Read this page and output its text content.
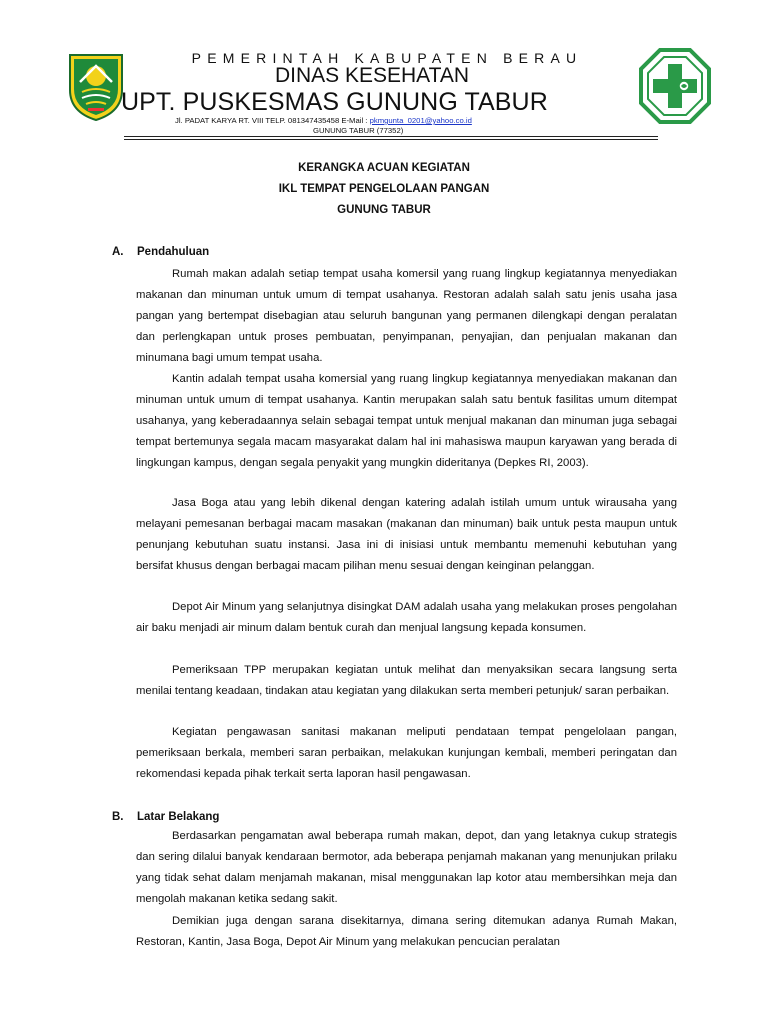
PEMERINTAH KABUPATEN BERAU
DINAS KESEHATAN
UPT. PUSKESMAS GUNUNG TABUR
Jl. PADAT KARYA RT. VIII TELP. 081347435458 E-Mail : pkmgunta_0201@yahoo.co.id
GUNUNG TABUR (77352)
KERANGKA ACUAN KEGIATAN
IKL TEMPAT PENGELOLAAN PANGAN
GUNUNG TABUR
A. Pendahuluan

Rumah makan adalah setiap tempat usaha komersil yang ruang lingkup kegiatannya menyediakan makanan dan minuman untuk umum di tempat usahanya. Restoran adalah salah satu jenis usaha jasa pangan yang bertempat disebagian atau seluruh bangunan yang permanen dilengkapi dengan peralatan dan perlengkapan untuk proses pembuatan, penyimpanan, penyajian, dan penjualan makanan dan minumana bagi umum tempat usaha.

Kantin adalah tempat usaha komersial yang ruang lingkup kegiatannya menyediakan makanan dan minuman untuk umum di tempat usahanya. Kantin merupakan salah satu bentuk fasilitas umum ditempat usahanya, yang keberadaannya selain sebagai tempat untuk menjual makanan dan minuman juga sebagai tempat bertemunya segala macam masyarakat dalam hal ini mahasiswa maupun karyawan yang berada di lingkungan kampus, dengan segala penyakit yang mungkin dideritanya (Depkes RI, 2003).

Jasa Boga atau yang lebih dikenal dengan katering adalah istilah umum untuk wirausaha yang melayani pemesanan berbagai macam masakan (makanan dan minuman) baik untuk pesta maupun untuk penunjang kebutuhan suatu instansi. Jasa ini di inisiasi untuk membantu memenuhi kebutuhan yang bersifat khusus dengan berbagai macam pilihan menu sesuai dengan keinginan pelanggan.

Depot Air Minum yang selanjutnya disingkat DAM adalah usaha yang melakukan proses pengolahan air baku menjadi air minum dalam bentuk curah dan menjual langsung kepada konsumen.

Pemeriksaan TPP merupakan kegiatan untuk melihat dan menyaksikan secara langsung serta menilai tentang keadaan, tindakan atau kegiatan yang dilakukan serta memberi petunjuk/ saran perbaikan.

Kegiatan pengawasan sanitasi makanan meliputi pendataan tempat pengelolaan pangan, pemeriksaan berkala, memberi saran perbaikan, melakukan kunjungan kembali, memberi peringatan dan rekomendasi kepada pihak terkait serta laporan hasil pengawasan.

B. Latar Belakang

Berdasarkan pengamatan awal beberapa rumah makan, depot, dan yang letaknya cukup strategis dan sering dilalui banyak kendaraan bermotor, ada beberapa penjamah makanan yang menunjukan prilaku yang tidak sehat dalam menjamah makanan, misal menggunakan lap kotor atau membersihkan meja dan mengolah makanan ketika sedang sakit.

Demikian juga dengan sarana disekitarnya, dimana sering ditemukan adanya Rumah Makan, Restoran, Kantin, Jasa Boga, Depot Air Minum yang melakukan pencucian peralatan
